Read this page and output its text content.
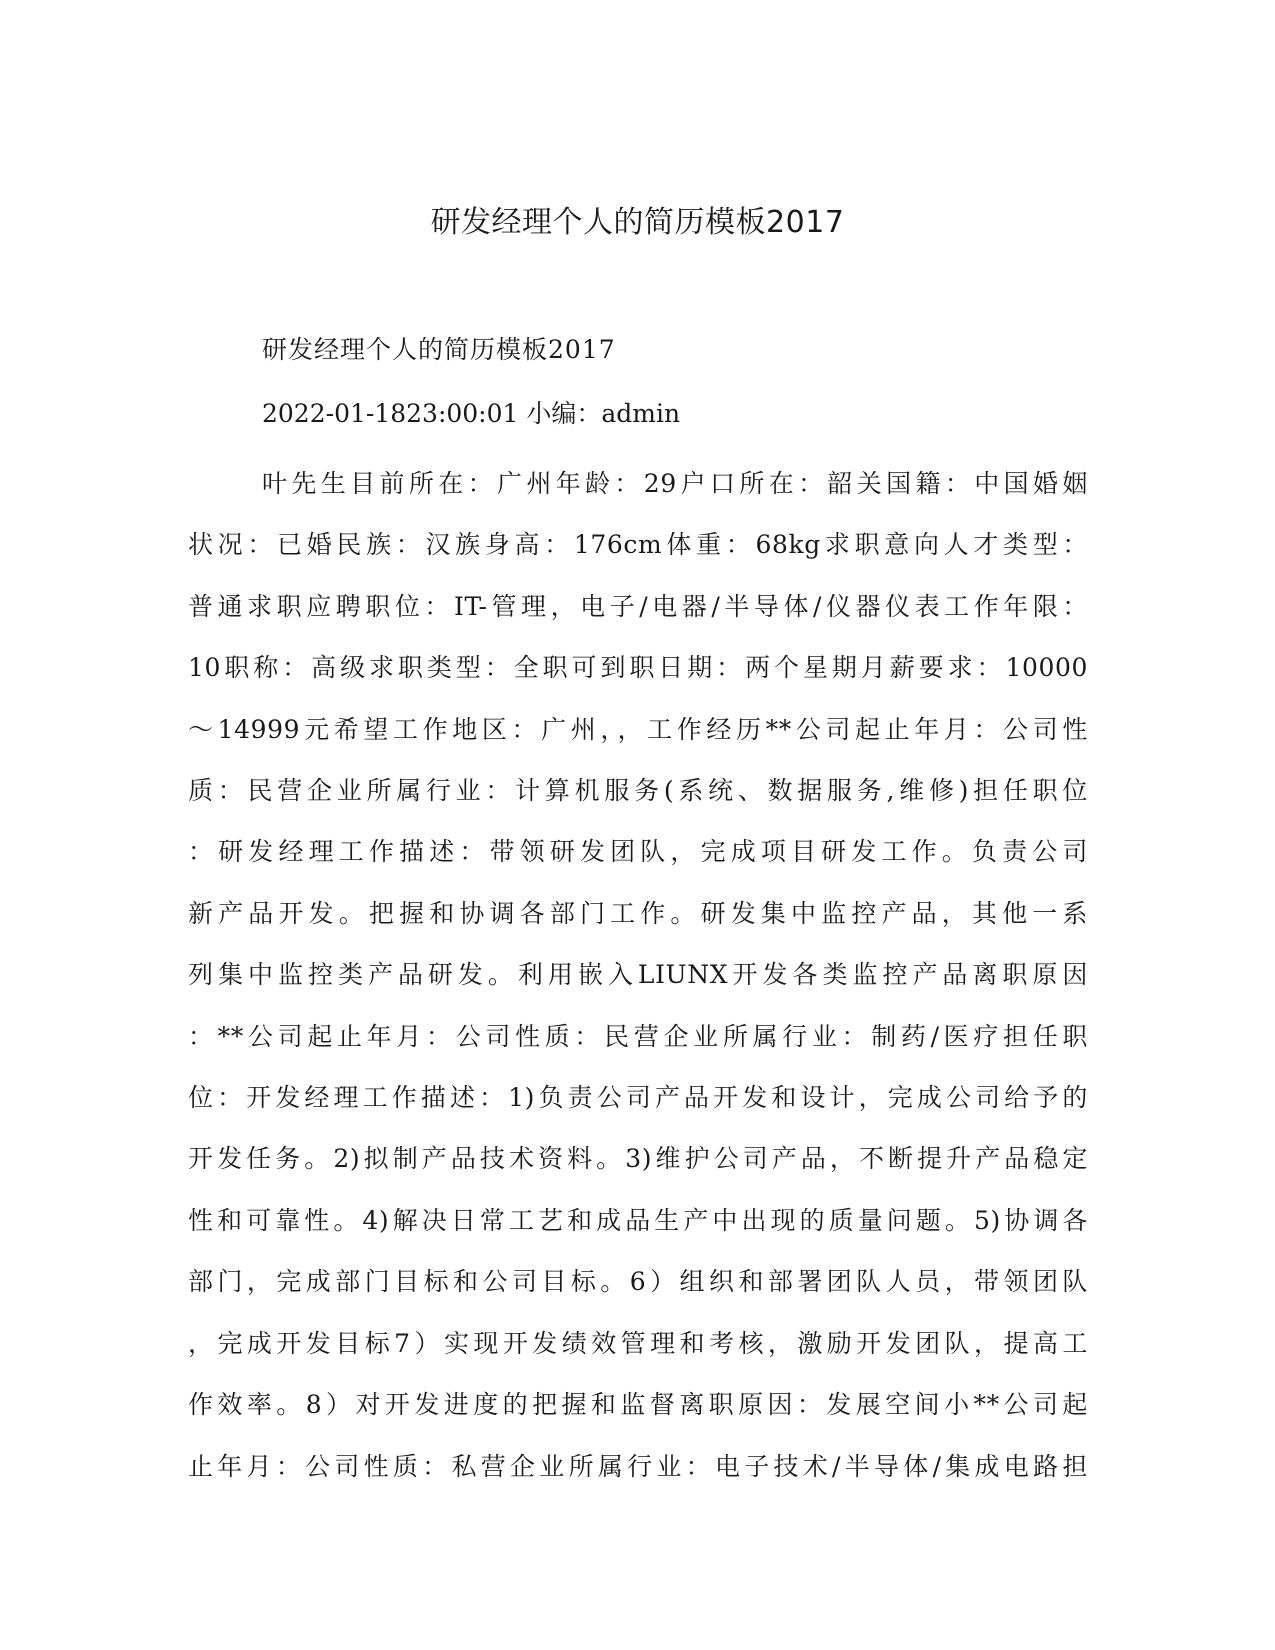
研发经理个人的简历模板2017

研发经理个人的简历模板2017

2022-01-1823:00:01 小编：admin

叶先生目前所在：广州年龄：29户口所在：韶关国籍：中国婚姻
状况：已婚民族：汉族身高：176cm体重：68kg求职意向人才类型：
普通求职应聘职位：IT-管理，电子/电器/半导体/仪器仪表工作年限：
10职称：高级求职类型：全职可到职日期：两个星期月薪要求：10000
～14999元希望工作地区：广州，，工作经历**公司起止年月：公司性
质：民营企业所属行业：计算机服务(系统、数据服务,维修)担任职位
：研发经理工作描述：带领研发团队，完成项目研发工作。负责公司
新产品开发。把握和协调各部门工作。研发集中监控产品，其他一系
列集中监控类产品研发。利用嵌入LIUNX开发各类监控产品离职原因
：**公司起止年月：公司性质：民营企业所属行业：制药/医疗担任职
位：开发经理工作描述：1)负责公司产品开发和设计，完成公司给予的
开发任务。2)拟制产品技术资料。3)维护公司产品，不断提升产品稳定
性和可靠性。4)解决日常工艺和成品生产中出现的质量问题。5)协调各
部门，完成部门目标和公司目标。6）组织和部署团队人员，带领团队
，完成开发目标7）实现开发绩效管理和考核，激励开发团队，提高工
作效率。8）对开发进度的把握和监督离职原因：发展空间小**公司起
止年月：公司性质：私营企业所属行业：电子技术/半导体/集成电路担
